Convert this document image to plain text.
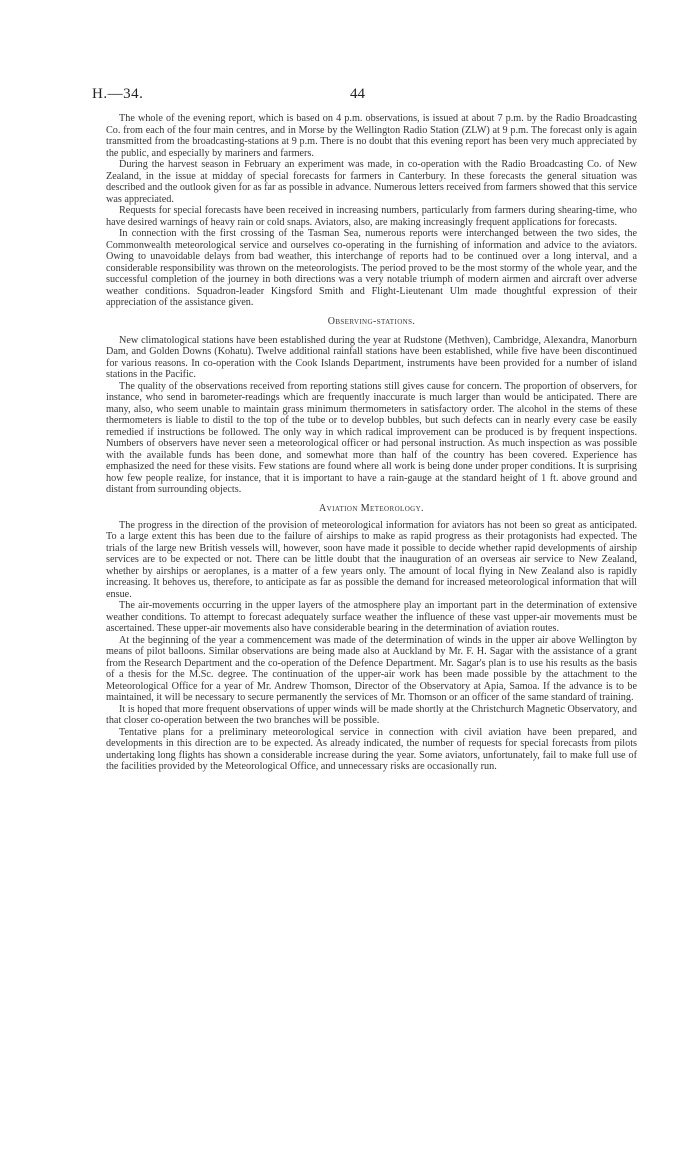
H.—34.	44

The whole of the evening report, which is based on 4 p.m. observations, is issued at about 7 p.m. by the Radio Broadcasting Co. from each of the four main centres, and in Morse by the Wellington Radio Station (ZLW) at 9 p.m. The forecast only is again transmitted from the broadcasting-stations at 9 p.m. There is no doubt that this evening report has been very much appreciated by the public, and especially by mariners and farmers.

During the harvest season in February an experiment was made, in co-operation with the Radio Broadcasting Co. of New Zealand, in the issue at midday of special forecasts for farmers in Canterbury. In these forecasts the general situation was described and the outlook given for as far as possible in advance. Numerous letters received from farmers showed that this service was appreciated.

Requests for special forecasts have been received in increasing numbers, particularly from farmers during shearing-time, who have desired warnings of heavy rain or cold snaps. Aviators, also, are making increasingly frequent applications for forecasts.

In connection with the first crossing of the Tasman Sea, numerous reports were interchanged between the two sides, the Commonwealth meteorological service and ourselves co-operating in the furnishing of information and advice to the aviators. Owing to unavoidable delays from bad weather, this interchange of reports had to be continued over a long interval, and a considerable responsibility was thrown on the meteorologists. The period proved to be the most stormy of the whole year, and the successful completion of the journey in both directions was a very notable triumph of modern airmen and aircraft over adverse weather conditions. Squadron-leader Kingsford Smith and Flight-Lieutenant Ulm made thoughtful expression of their appreciation of the assistance given.

Observing-stations.

New climatological stations have been established during the year at Rudstone (Methven), Cambridge, Alexandra, Manorburn Dam, and Golden Downs (Kohatu). Twelve additional rainfall stations have been established, while five have been discontinued for various reasons. In co-operation with the Cook Islands Department, instruments have been provided for a number of island stations in the Pacific.

The quality of the observations received from reporting stations still gives cause for concern. The proportion of observers, for instance, who send in barometer-readings which are frequently inaccurate is much larger than would be anticipated. There are many, also, who seem unable to maintain grass minimum thermometers in satisfactory order. The alcohol in the stems of these thermometers is liable to distil to the top of the tube or to develop bubbles, but such defects can in nearly every case be easily remedied if instructions be followed. The only way in which radical improvement can be produced is by frequent inspections. Numbers of observers have never seen a meteorological officer or had personal instruction. As much inspection as was possible with the available funds has been done, and somewhat more than half of the country has been covered. Experience has emphasized the need for these visits. Few stations are found where all work is being done under proper conditions. It is surprising how few people realize, for instance, that it is important to have a rain-gauge at the standard height of 1 ft. above ground and distant from surrounding objects.

Aviation Meteorology.

The progress in the direction of the provision of meteorological information for aviators has not been so great as anticipated. To a large extent this has been due to the failure of airships to make as rapid progress as their protagonists had expected. The trials of the large new British vessels will, however, soon have made it possible to decide whether rapid developments of airship services are to be expected or not. There can be little doubt that the inauguration of an overseas air service to New Zealand, whether by airships or aeroplanes, is a matter of a few years only. The amount of local flying in New Zealand also is rapidly increasing. It behoves us, therefore, to anticipate as far as possible the demand for increased meteorological information that will ensue.

The air-movements occurring in the upper layers of the atmosphere play an important part in the determination of extensive weather conditions. To attempt to forecast adequately surface weather the influence of these vast upper-air movements must be ascertained. These upper-air movements also have considerable bearing in the determination of aviation routes.

At the beginning of the year a commencement was made of the determination of winds in the upper air above Wellington by means of pilot balloons. Similar observations are being made also at Auckland by Mr. F. H. Sagar with the assistance of a grant from the Research Department and the co-operation of the Defence Department. Mr. Sagar's plan is to use his results as the basis of a thesis for the M.Sc. degree. The continuation of the upper-air work has been made possible by the attachment to the Meteorological Office for a year of Mr. Andrew Thomson, Director of the Observatory at Apia, Samoa. If the advance is to be maintained, it will be necessary to secure permanently the services of Mr. Thomson or an officer of the same standard of training.

It is hoped that more frequent observations of upper winds will be made shortly at the Christchurch Magnetic Observatory, and that closer co-operation between the two branches will be possible.

Tentative plans for a preliminary meteorological service in connection with civil aviation have been prepared, and developments in this direction are to be expected. As already indicated, the number of requests for special forecasts from pilots undertaking long flights has shown a considerable increase during the year. Some aviators, unfortunately, fail to make full use of the facilities provided by the Meteorological Office, and unnecessary risks are occasionally run.
